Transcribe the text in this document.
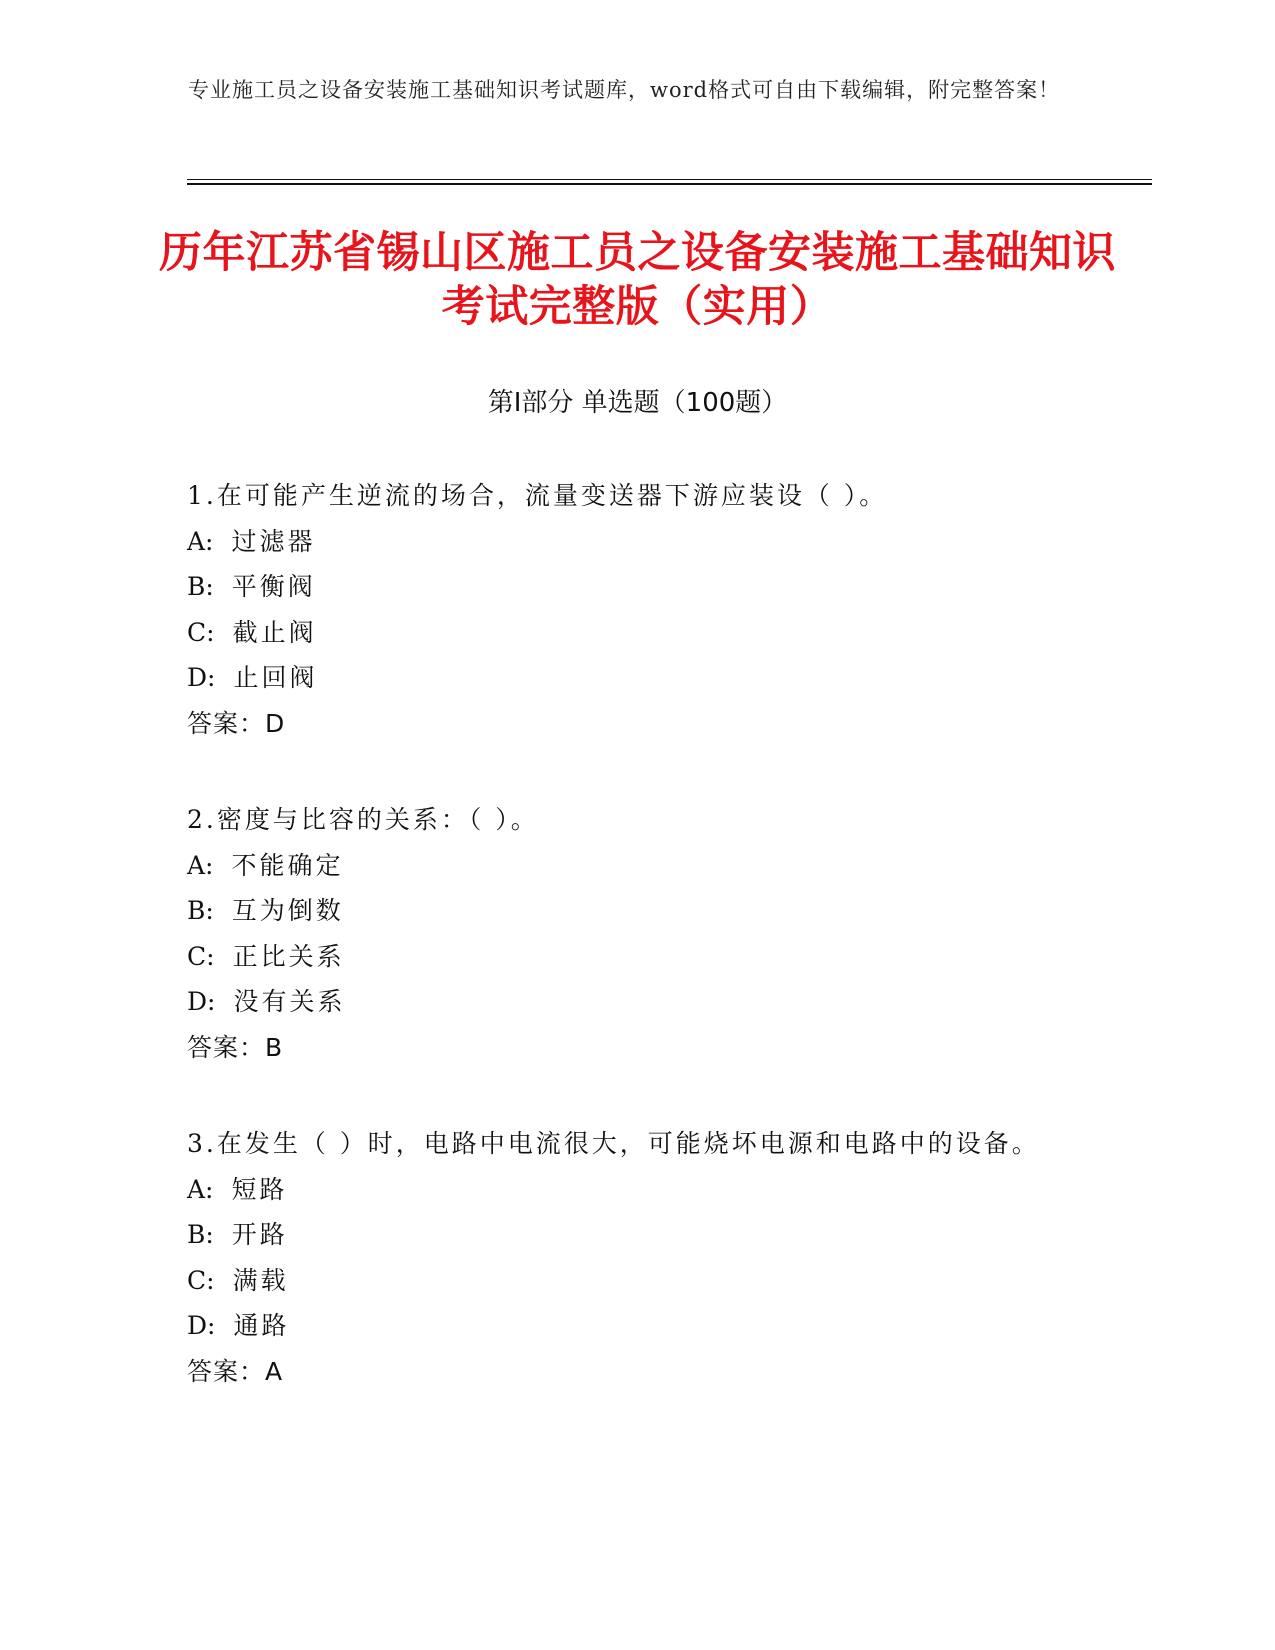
专业施工员之设备安装施工基础知识考试题库，word格式可自由下载编辑，附完整答案！
历年江苏省锡山区施工员之设备安装施工基础知识考试完整版（实用）
第Ⅰ部分 单选题（100题）
1.在可能产生逆流的场合，流量变送器下游应装设（ ）。
A: 过滤器
B: 平衡阀
C: 截止阀
D: 止回阀
答案：D
2.密度与比容的关系：（ ）。
A: 不能确定
B: 互为倒数
C: 正比关系
D: 没有关系
答案：B
3.在发生（ ）时，电路中电流很大，可能烧坏电源和电路中的设备。
A: 短路
B: 开路
C: 满载
D: 通路
答案：A
